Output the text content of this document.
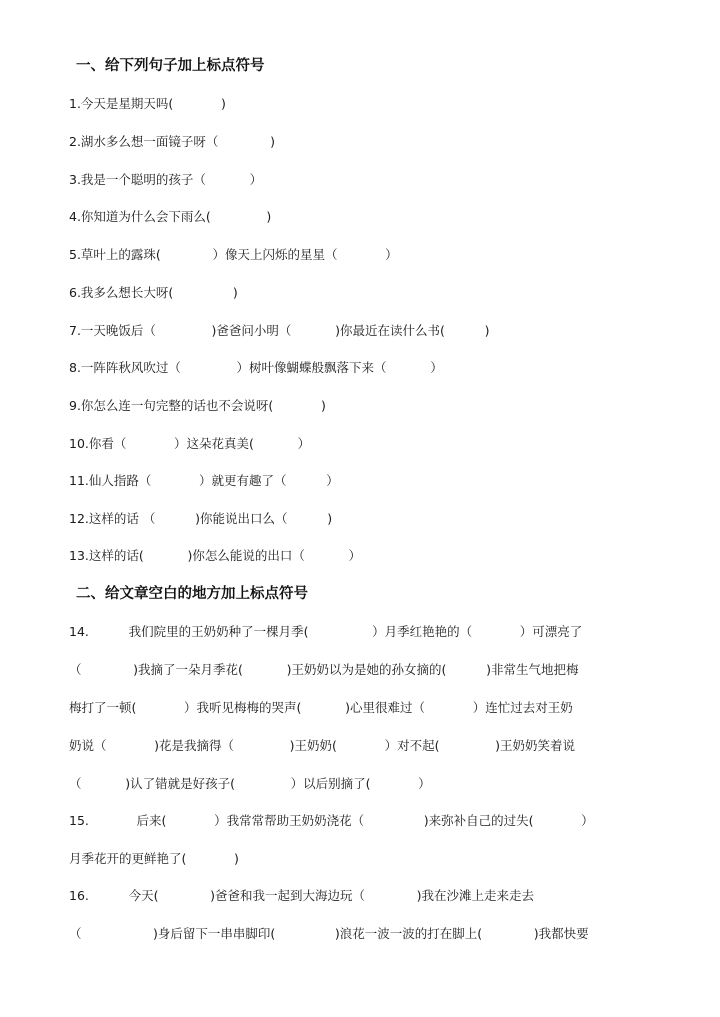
一、给下列句子加上标点符号
1.今天是星期天吗(            )
2.湖水多么想一面镜子呀（             )
3.我是一个聪明的孩子（           ）
4.你知道为什么会下雨么(              )
5.草叶上的露珠(             ）像天上闪烁的星星（            ）
6.我多么想长大呀(               )
7.一天晚饭后（              )爸爸问小明（           )你最近在读什么书(          )
8.一阵阵秋风吹过（              ）树叶像蝴蝶般飘落下来（           ）
9.你怎么连一句完整的话也不会说呀(            )
10.你看（            ）这朵花真美(           ）
11.仙人指路（            ）就更有趣了（          ）
12.这样的话 （          )你能说出口么（          )
13.这样的话(           )你怎么能说的出口（           ）
二、给文章空白的地方加上标点符号
14.          我们院里的王奶奶种了一棵月季(                ）月季红艳艳的（            ）可漂亮了
（             )我摘了一朵月季花(           )王奶奶以为是她的孙女摘的(          )非常生气地把梅
梅打了一顿(            ）我听见梅梅的哭声(           )心里很难过（            ）连忙过去对王奶
奶说（            )花是我摘得（              )王奶奶(            ）对不起(              )王奶奶笑着说
（           )认了错就是好孩子(              ）以后别摘了(            ）
15.            后来(            ）我常常帮助王奶奶浇花（               )来弥补自己的过失(            ）
月季花开的更鲜艳了(            )
16.          今天(             )爸爸和我一起到大海边玩（             )我在沙滩上走来走去
（                  )身后留下一串串脚印(               )浪花一波一波的打在脚上(             )我都快要
